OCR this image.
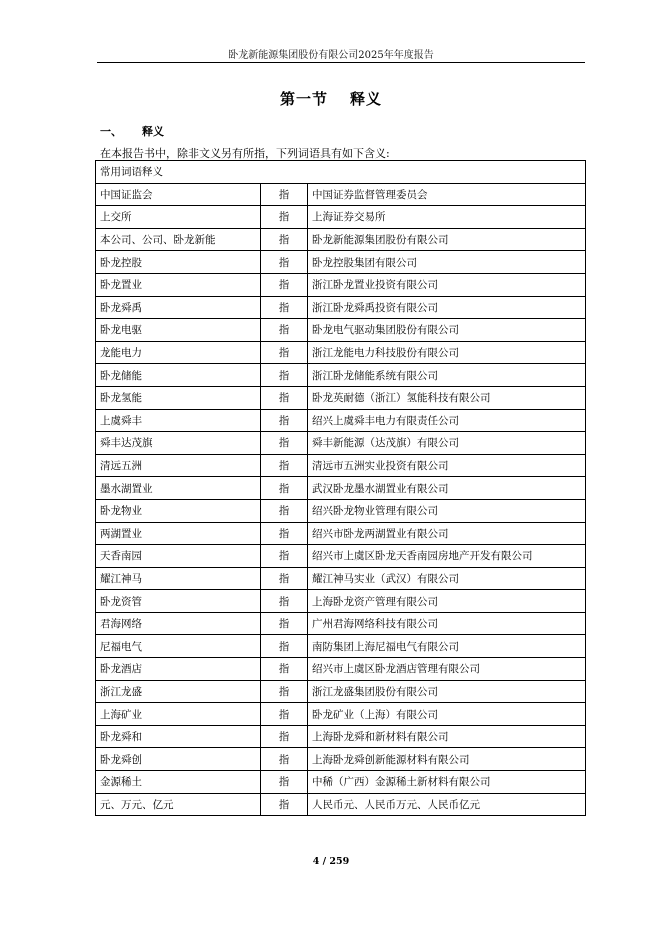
卧龙新能源集团股份有限公司2025年年度报告
第一节 释义
一、 释义
在本报告书中，除非文义另有所指，下列词语具有如下含义:
常用词语释义		
中国证监会	指	中国证券监督管理委员会
上交所	指	上海证券交易所
本公司、公司、卧龙新能	指	卧龙新能源集团股份有限公司
卧龙控股	指	卧龙控股集团有限公司
卧龙置业	指	浙江卧龙置业投资有限公司
卧龙舜禹	指	浙江卧龙舜禹投资有限公司
卧龙电驱	指	卧龙电气驱动集团股份有限公司
龙能电力	指	浙江龙能电力科技股份有限公司
卧龙储能	指	浙江卧龙储能系统有限公司
卧龙氢能	指	卧龙英耐德（浙江）氢能科技有限公司
上虞舜丰	指	绍兴上虞舜丰电力有限责任公司
舜丰达茂旗	指	舜丰新能源（达茂旗）有限公司
清远五洲	指	清远市五洲实业投资有限公司
墨水湖置业	指	武汉卧龙墨水湖置业有限公司
卧龙物业	指	绍兴卧龙物业管理有限公司
两湖置业	指	绍兴市卧龙两湖置业有限公司
天香南园	指	绍兴市上虞区卧龙天香南园房地产开发有限公司
耀江神马	指	耀江神马实业（武汉）有限公司
卧龙资管	指	上海卧龙资产管理有限公司
君海网络	指	广州君海网络科技有限公司
尼福电气	指	南防集团上海尼福电气有限公司
卧龙酒店	指	绍兴市上虞区卧龙酒店管理有限公司
浙江龙盛	指	浙江龙盛集团股份有限公司
上海矿业	指	卧龙矿业（上海）有限公司
卧龙舜和	指	上海卧龙舜和新材料有限公司
卧龙舜创	指	上海卧龙舜创新能源材料有限公司
金源稀土	指	中稀（广西）金源稀土新材料有限公司
元、万元、亿元	指	人民币元、人民币万元、人民币亿元
4 / 259
